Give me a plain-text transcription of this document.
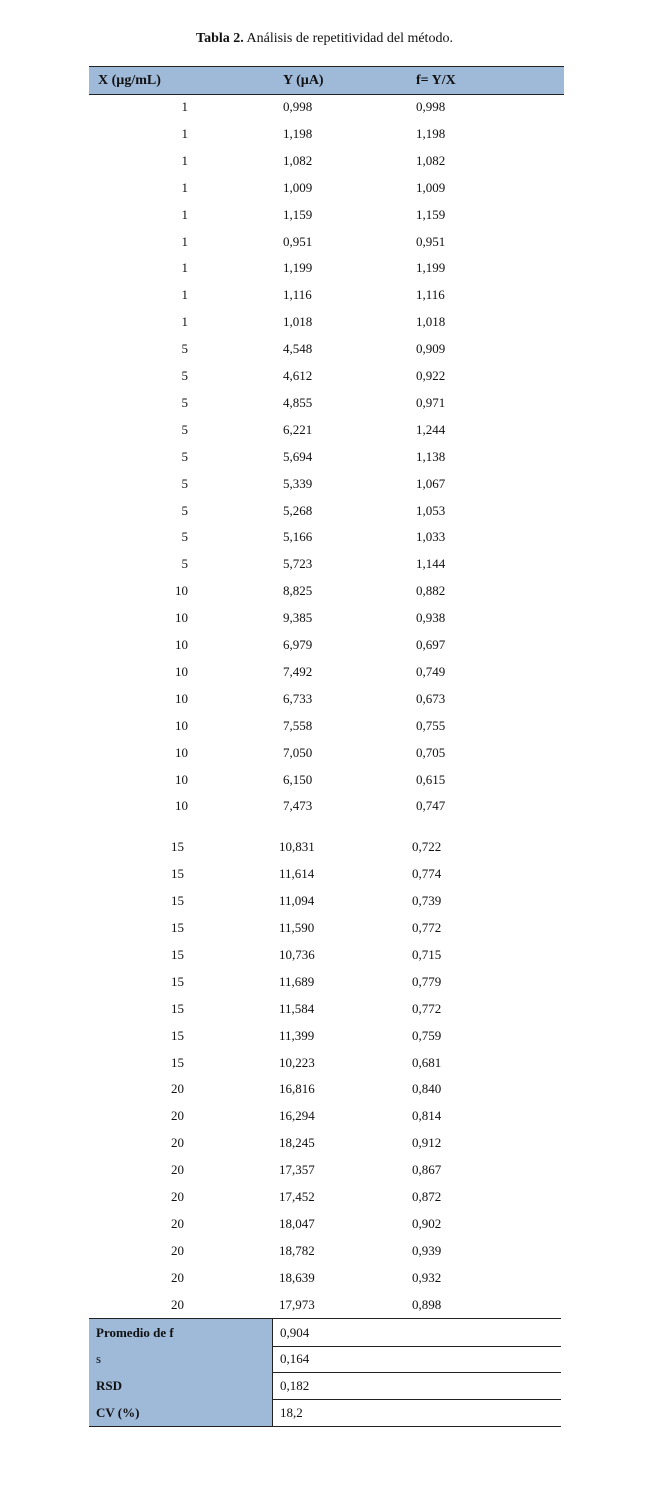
Tabla 2. Análisis de repetitividad del método.
X (µg/mL)	Y (µA)	f= Y/X
1	0,998	0,998
1	1,198	1,198
1	1,082	1,082
1	1,009	1,009
1	1,159	1,159
1	0,951	0,951
1	1,199	1,199
1	1,116	1,116
1	1,018	1,018
5	4,548	0,909
5	4,612	0,922
5	4,855	0,971
5	6,221	1,244
5	5,694	1,138
5	5,339	1,067
5	5,268	1,053
5	5,166	1,033
5	5,723	1,144
10	8,825	0,882
10	9,385	0,938
10	6,979	0,697
10	7,492	0,749
10	6,733	0,673
10	7,558	0,755
10	7,050	0,705
10	6,150	0,615
10	7,473	0,747
15	10,831	0,722
15	11,614	0,774
15	11,094	0,739
15	11,590	0,772
15	10,736	0,715
15	11,689	0,779
15	11,584	0,772
15	11,399	0,759
15	10,223	0,681
20	16,816	0,840
20	16,294	0,814
20	18,245	0,912
20	17,357	0,867
20	17,452	0,872
20	18,047	0,902
20	18,782	0,939
20	18,639	0,932
20	17,973	0,898
Promedio de f	0,904
s	0,164
RSD	0,182
CV (%)	18,2
